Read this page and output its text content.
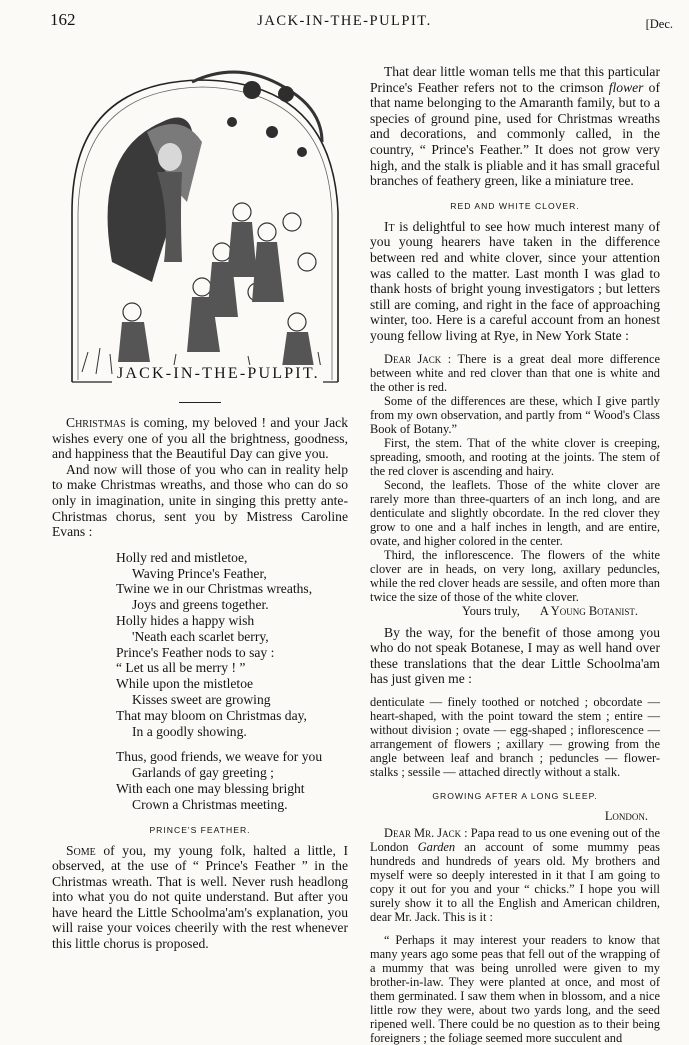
162	JACK-IN-THE-PULPIT.	[Dec.
JACK-IN-THE-PULPIT.

Christmas is coming, my beloved ! and your Jack wishes every one of you all the brightness, goodness, and happiness that the Beautiful Day can give you.

And now will those of you who can in reality help to make Christmas wreaths, and those who can do so only in imagination, unite in singing this pretty ante-Christmas chorus, sent you by Mistress Caroline Evans :

Holly red and mistletoe,
Waving Prince's Feather,
Twine we in our Christmas wreaths,
Joys and greens together.
Holly hides a happy wish
'Neath each scarlet berry,
Prince's Feather nods to say :
“ Let us all be merry ! ”
While upon the mistletoe
Kisses sweet are growing
That may bloom on Christmas day,
In a goodly showing.
Thus, good friends, we weave for you
Garlands of gay greeting ;
With each one may blessing bright
Crown a Christmas meeting.
PRINCE'S FEATHER.

Some of you, my young folk, halted a little, I observed, at the use of “ Prince's Feather ” in the Christmas wreath. That is well. Never rush headlong into what you do not quite understand. But after you have heard the Little Schoolma'am's explanation, you will raise your voices cheerily with the rest whenever this little chorus is proposed.

That dear little woman tells me that this particular Prince's Feather refers not to the crimson flower of that name belonging to the Amaranth family, but to a species of ground pine, used for Christmas wreaths and decorations, and commonly called, in the country, “ Prince's Feather.” It does not grow very high, and the stalk is pliable and it has small graceful branches of feathery green, like a miniature tree.

RED AND WHITE CLOVER.

It is delightful to see how much interest many of you young hearers have taken in the difference between red and white clover, since your attention was called to the matter. Last month I was glad to thank hosts of bright young investigators ; but letters still are coming, and right in the face of approaching winter, too. Here is a careful account from an honest young fellow living at Rye, in New York State :

Dear Jack : There is a great deal more difference between white and red clover than that one is white and the other is red.

Some of the differences are these, which I give partly from my own observation, and partly from “ Wood's Class Book of Botany.”

First, the stem. That of the white clover is creeping, spreading, smooth, and rooting at the joints. The stem of the red clover is ascending and hairy.

Second, the leaflets. Those of the white clover are rarely more than three-quarters of an inch long, and are denticulate and slightly obcordate. In the red clover they grow to one and a half inches in length, and are entire, ovate, and higher colored in the center.

Third, the inflorescence. The flowers of the white clover are in heads, on very long, axillary peduncles, while the red clover heads are sessile, and often more than twice the size of those of the white clover.

Yours truly, A Young Botanist.

By the way, for the benefit of those among you who do not speak Botanese, I may as well hand over these translations that the dear Little Schoolma'am has just given me :

denticulate — finely toothed or notched ; obcordate — heart-shaped, with the point toward the stem ; entire — without division ; ovate — egg-shaped ; inflorescence —arrangement of flowers ; axillary — growing from the angle between leaf and branch ; peduncles — flower-stalks ; sessile — attached directly without a stalk.

GROWING AFTER A LONG SLEEP.
London.

Dear Mr. Jack : Papa read to us one evening out of the London Garden an account of some mummy peas hundreds and hundreds of years old. My brothers and myself were so deeply interested in it that I am going to copy it out for you and your “ chicks.” I hope you will surely show it to all the English and American children, dear Mr. Jack. This is it :

“ Perhaps it may interest your readers to know that many years ago some peas that fell out of the wrapping of a mummy that was being unrolled were given to my brother-in-law. They were planted at once, and most of them germinated. I saw them when in blossom, and a nice little row they were, about two yards long, and the seed ripened well. There could be no question as to their being foreigners ; the foliage seemed more succulent and
